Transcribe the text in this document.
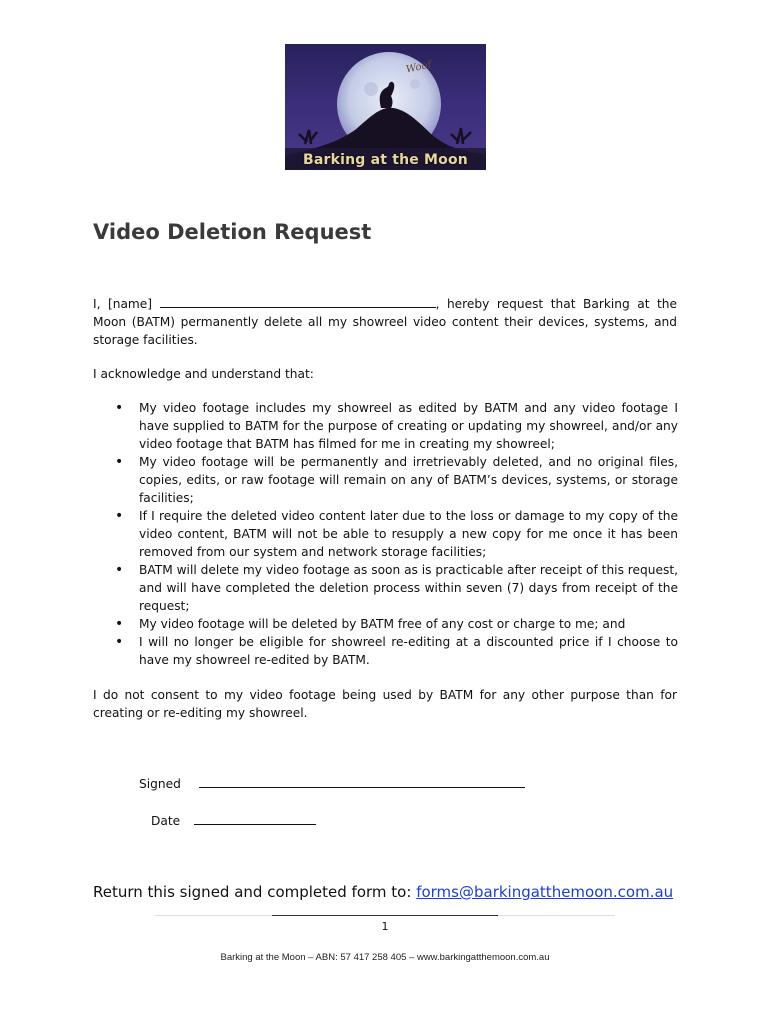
Barking at the Moon
Woof
Video Deletion Request

I, [name]	, hereby request that Barking at the Moon (BATM) permanently delete all my showreel video content their devices, systems, and storage facilities.

I acknowledge and understand that:

• My video footage includes my showreel as edited by BATM and any video footage I have supplied to BATM for the purpose of creating or updating my showreel, and/or any video footage that BATM has filmed for me in creating my showreel;
• My video footage will be permanently and irretrievably deleted, and no original files, copies, edits, or raw footage will remain on any of BATM’s devices, systems, or storage facilities;
• If I require the deleted video content later due to the loss or damage to my copy of the video content, BATM will not be able to resupply a new copy for me once it has been removed from our system and network storage facilities;
• BATM will delete my video footage as soon as is practicable after receipt of this request, and will have completed the deletion process within seven (7) days from receipt of the request;
• My video footage will be deleted by BATM free of any cost or charge to me; and
• I will no longer be eligible for showreel re-editing at a discounted price if I choose to have my showreel re-edited by BATM.

I do not consent to my video footage being used by BATM for any other purpose than for creating or re-editing my showreel.

Signed
Date

Return this signed and completed form to: forms@barkingatthemoon.com.au

1
Barking at the Moon – ABN: 57 417 258 405 – www.barkingatthemoon.com.au
